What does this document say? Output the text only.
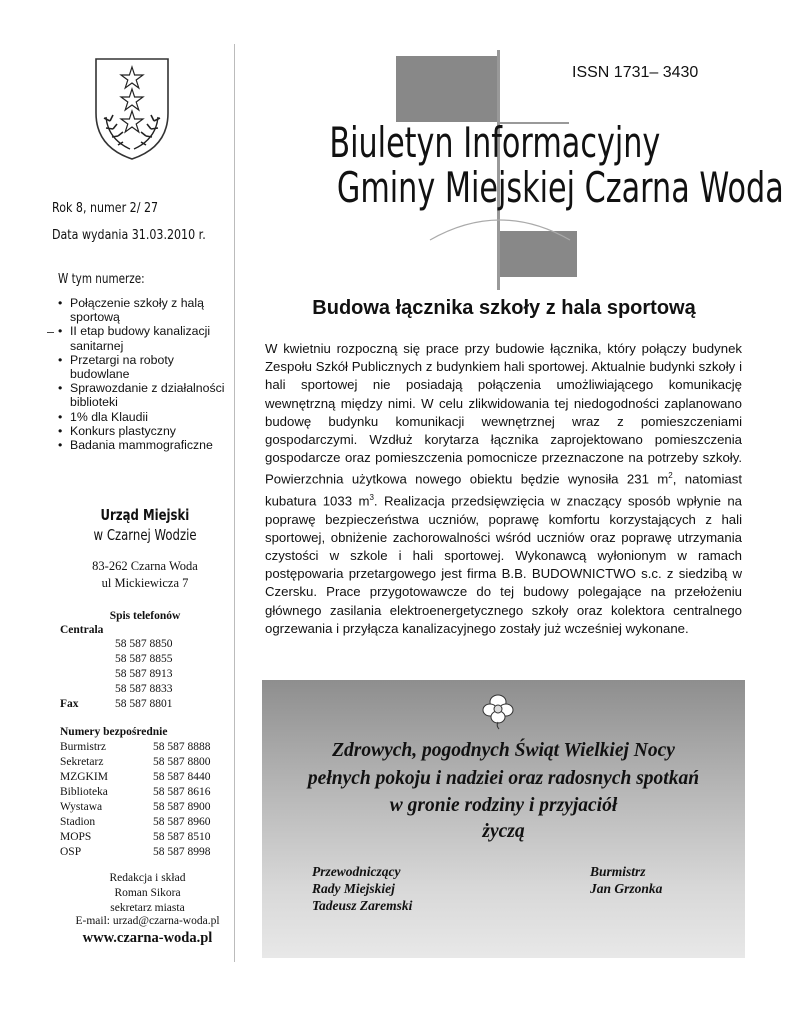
Rok 8, numer 2/ 27
Data wydania 31.03.2010 r.
W tym numerze:
• Połączenie szkoły z halą sportową
• II etap budowy kanalizacji sanitarnej
• Przetargi na roboty budowlane
• Sprawozdanie z działalności biblioteki
• 1% dla Klaudii
• Konkurs plastyczny
• Badania mammograficzne
Urząd Miejski
w Czarnej Wodzie
83-262 Czarna Woda
ul Mickiewicza 7
Spis telefonów
Centrala
58 587 8850
58 587 8855
58 587 8913
58 587 8833
Fax	58 587 8801
Numery bezpośrednie
Burmistrz	58 587 8888
Sekretarz	58 587 8800
MZGKIM	58 587 8440
Biblioteka	58 587 8616
Wystawa	58 587 8900
Stadion	58 587 8960
MOPS	58 587 8510
OSP	58 587 8998
Redakcja i skład
Roman Sikora
sekretarz miasta
E-mail: urzad@czarna-woda.pl
www.czarna-woda.pl
ISSN 1731– 3430
Biuletyn Informacyjny
Gminy Miejskiej Czarna Woda
Budowa łącznika szkoły z hala sportową

W kwietniu rozpoczną się prace przy budowie łącznika, który połączy budynek Zespołu Szkół Publicznych z budynkiem hali sportowej. Aktualnie budynki szkoły i hali sportowej nie posiadają połączenia umożliwiającego komunikację wewnętrzną między nimi. W celu zlikwidowania tej niedogodności zaplanowano budowę budynku komunikacji wewnętrznej wraz z pomieszczeniami gospodarczymi. Wzdłuż korytarza łącznika zaprojektowano pomieszczenia gospodarcze oraz pomieszczenia pomocnicze przeznaczone na potrzeby szkoły. Powierzchnia użytkowa nowego obiektu będzie wynosiła 231 $m^2$, natomiast kubatura 1033 $m^3$. Realizacja przedsięwzięcia w znaczący sposób wpłynie na poprawę bezpieczeństwa uczniów, poprawę komfortu korzystających z hali sportowej, obniżenie zachorowalności wśród uczniów oraz poprawę utrzymania czystości w szkole i hali sportowej. Wykonawcą wyłonionym w ramach postępowaria przetargowego jest firma B.B. BUDOWNICTWO s.c. z siedzibą w Czersku. Prace przygotowawcze do tej budowy polegające na przełożeniu głównego zasilania elektroenergetycznego szkoły oraz kolektora centralnego ogrzewania i przyłącza kanalizacyjnego zostały już wcześniej wykonane.

Zdrowych, pogodnych Świąt Wielkiej Nocy
pełnych pokoju i nadziei oraz radosnych spotkań
w gronie rodziny i przyjaciół
życzą
Przewodniczący
Rady Miejskiej
Tadeusz Zaremski
Burmistrz
Jan Grzonka
